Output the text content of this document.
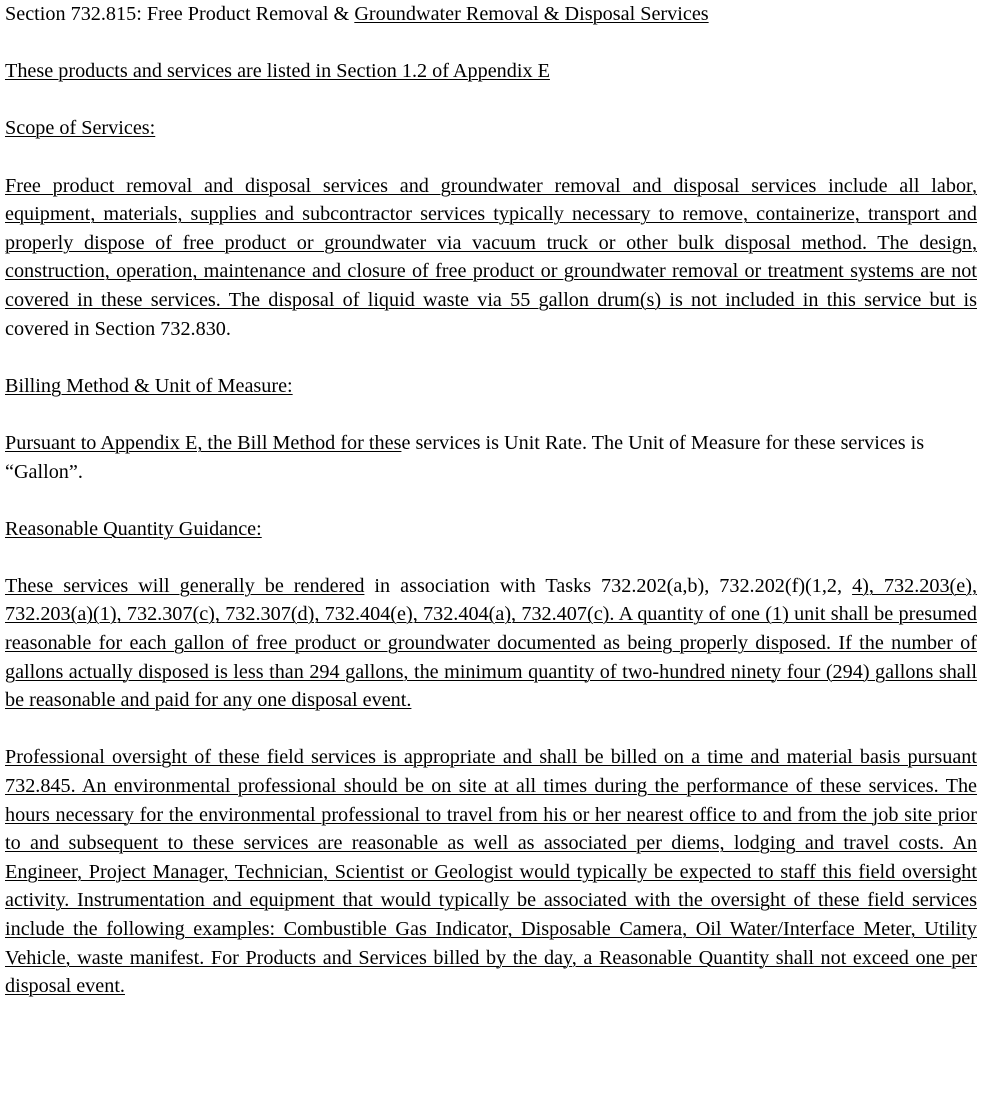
Section 732.815: Free Product Removal & Groundwater Removal & Disposal Services

These products and services are listed in Section 1.2 of Appendix E

Scope of Services:

Free product removal and disposal services and groundwater removal and disposal services include all labor, equipment, materials, supplies and subcontractor services typically necessary to remove, containerize, transport and properly dispose of free product or groundwater via vacuum truck or other bulk disposal method. The design, construction, operation, maintenance and closure of free product or groundwater removal or treatment systems are not covered in these services. The disposal of liquid waste via 55 gallon drum(s) is not included in this service but is covered in Section 732.830.

Billing Method & Unit of Measure:

Pursuant to Appendix E, the Bill Method for these services is Unit Rate. The Unit of Measure for these services is “Gallon”.

Reasonable Quantity Guidance:

These services will generally be rendered in association with Tasks 732.202(a,b), 732.202(f)(1,2, 4), 732.203(e), 732.203(a)(1), 732.307(c), 732.307(d), 732.404(e), 732.404(a), 732.407(c). A quantity of one (1) unit shall be presumed reasonable for each gallon of free product or groundwater documented as being properly disposed. If the number of gallons actually disposed is less than 294 gallons, the minimum quantity of two-hundred ninety four (294) gallons shall be reasonable and paid for any one disposal event.

Professional oversight of these field services is appropriate and shall be billed on a time and material basis pursuant 732.845. An environmental professional should be on site at all times during the performance of these services. The hours necessary for the environmental professional to travel from his or her nearest office to and from the job site prior to and subsequent to these services are reasonable as well as associated per diems, lodging and travel costs. An Engineer, Project Manager, Technician, Scientist or Geologist would typically be expected to staff this field oversight activity. Instrumentation and equipment that would typically be associated with the oversight of these field services include the following examples: Combustible Gas Indicator, Disposable Camera, Oil Water/Interface Meter, Utility Vehicle, waste manifest. For Products and Services billed by the day, a Reasonable Quantity shall not exceed one per disposal event.
